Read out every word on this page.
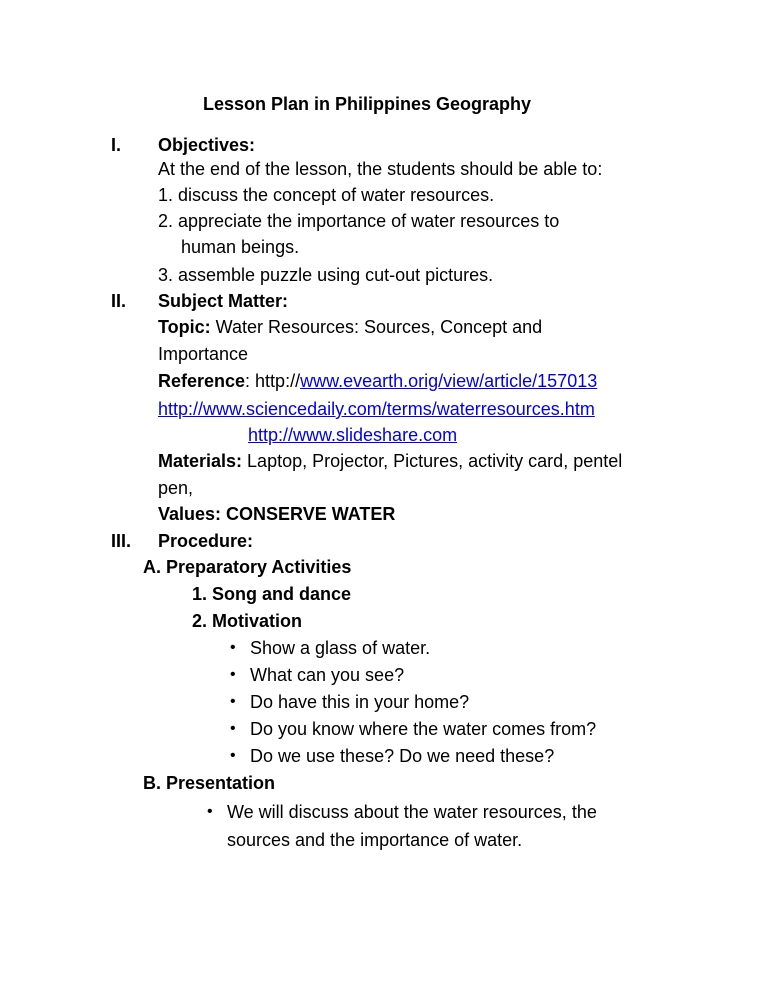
Lesson Plan in Philippines Geography
I. Objectives:
At the end of the lesson, the students should be able to:
1. discuss the concept of water resources.
2. appreciate the importance of water resources to
human beings.
3. assemble puzzle using cut-out pictures.
II. Subject Matter:
Topic: Water Resources: Sources, Concept and
Importance
Reference: http://www.evearth.orig/view/article/157013
http://www.sciencedaily.com/terms/waterresources.htm
http://www.slideshare.com
Materials: Laptop, Projector, Pictures, activity card, pentel
pen,
Values: CONSERVE WATER
III. Procedure:
A. Preparatory Activities
1. Song and dance
2. Motivation
• Show a glass of water.
• What can you see?
• Do have this in your home?
• Do you know where the water comes from?
• Do we use these? Do we need these?
B. Presentation
• We will discuss about the water resources, the
sources and the importance of water.
